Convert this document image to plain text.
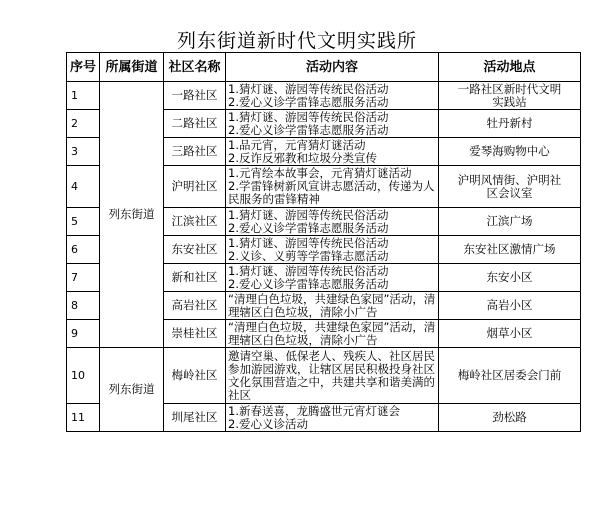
列东街道新时代文明实践所
序号	所属街道	社区名称	活动内容	活动地点
1	列东街道	一路社区	1.猜灯谜、游园等传统民俗活动
2.爱心义诊学雷锋志愿服务活动	一路社区新时代文明
实践站

2		二路社区	1.猜灯谜、游园等传统民俗活动
2.爱心义诊学雷锋志愿服务活动	牡丹新村

3		三路社区	1.品元宵，元宵猜灯谜活动
2.反诈反邪教和垃圾分类宣传	爱琴海购物中心

4		沪明社区	1.元宵绘本故事会，元宵猜灯谜活动
2.学雷锋树新风宣讲志愿活动，传递为人
民服务的雷锋精神	沪明风情街、沪明社
区会议室

5		江滨社区	1.猜灯谜、游园等传统民俗活动
2.爱心义诊学雷锋志愿服务活动	江滨广场

6		东安社区	1.猜灯谜、游园等传统民俗活动
2.义诊、义剪等学雷锋志愿活动	东安社区激情广场

7		新和社区	1.猜灯谜、游园等传统民俗活动
2.爱心义诊学雷锋志愿服务活动	东安小区

8		高岩社区	“清理白色垃圾，共建绿色家园”活动，清
理辖区白色垃圾，清除小广告	高岩小区

9		崇桂社区	“清理白色垃圾，共建绿色家园”活动，清
理辖区白色垃圾，清除小广告	烟草小区

10	列东街道	梅岭社区	邀请空巢、低保老人、残疾人、社区居民
参加游园游戏，让辖区居民积极投身社区
文化氛围营造之中，共建共享和谐美满的
社区	梅岭社区居委会门前

11		圳尾社区	1.新春送喜，龙腾盛世元宵灯谜会
2.爱心义诊活动	劲松路
